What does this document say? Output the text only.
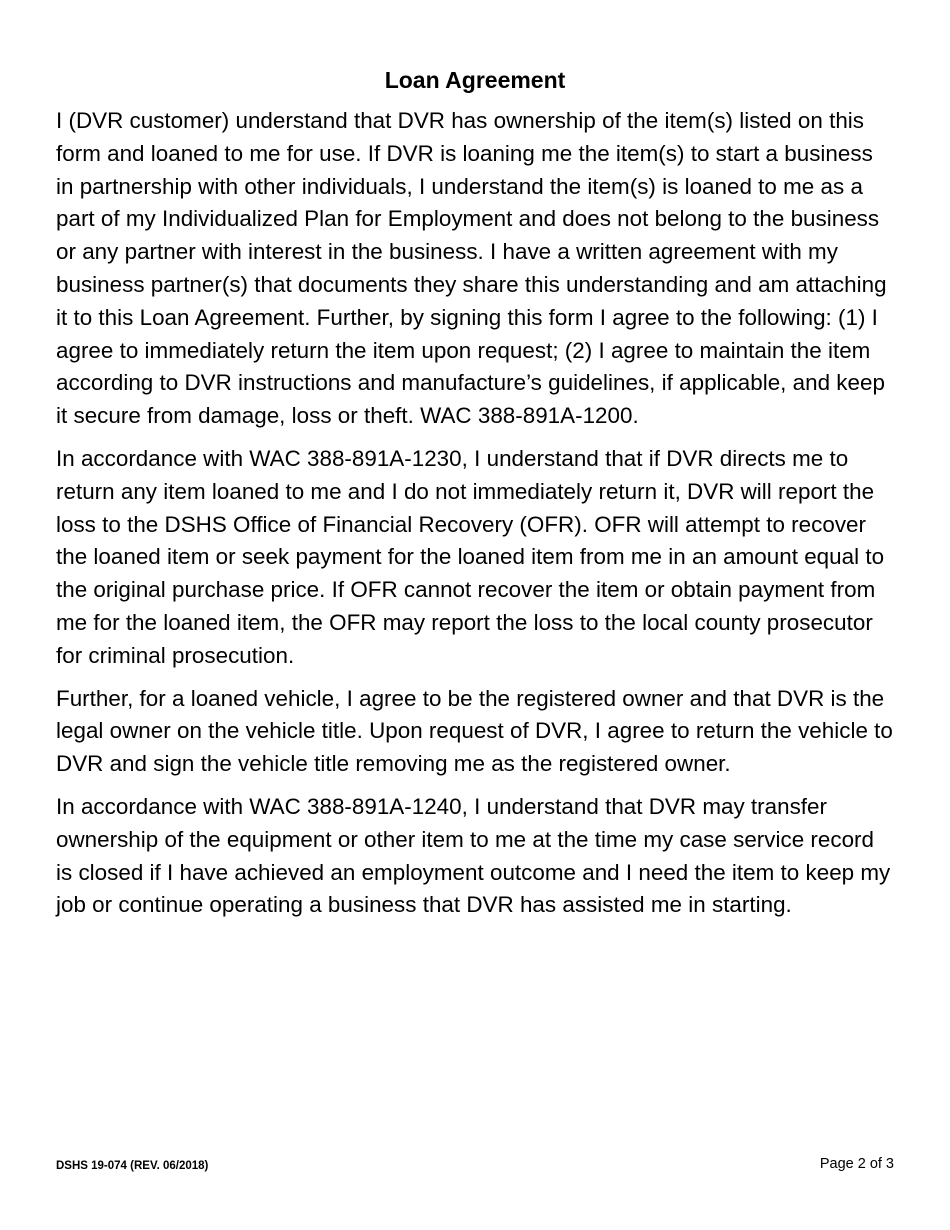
Loan Agreement

I (DVR customer) understand that DVR has ownership of the item(s) listed on this form and loaned to me for use. If DVR is loaning me the item(s) to start a business in partnership with other individuals, I understand the item(s) is loaned to me as a part of my Individualized Plan for Employment and does not belong to the business or any partner with interest in the business. I have a written agreement with my business partner(s) that documents they share this understanding and am attaching it to this Loan Agreement. Further, by signing this form I agree to the following: (1) I agree to immediately return the item upon request; (2) I agree to maintain the item according to DVR instructions and manufacture’s guidelines, if applicable, and keep it secure from damage, loss or theft. WAC 388-891A-1200.

In accordance with WAC 388-891A-1230, I understand that if DVR directs me to return any item loaned to me and I do not immediately return it, DVR will report the loss to the DSHS Office of Financial Recovery (OFR). OFR will attempt to recover the loaned item or seek payment for the loaned item from me in an amount equal to the original purchase price. If OFR cannot recover the item or obtain payment from me for the loaned item, the OFR may report the loss to the local county prosecutor for criminal prosecution.

Further, for a loaned vehicle, I agree to be the registered owner and that DVR is the legal owner on the vehicle title. Upon request of DVR, I agree to return the vehicle to DVR and sign the vehicle title removing me as the registered owner.

In accordance with WAC 388-891A-1240, I understand that DVR may transfer ownership of the equipment or other item to me at the time my case service record is closed if I have achieved an employment outcome and I need the item to keep my job or continue operating a business that DVR has assisted me in starting.

DSHS 19-074 (REV. 06/2018)	Page 2 of 3
